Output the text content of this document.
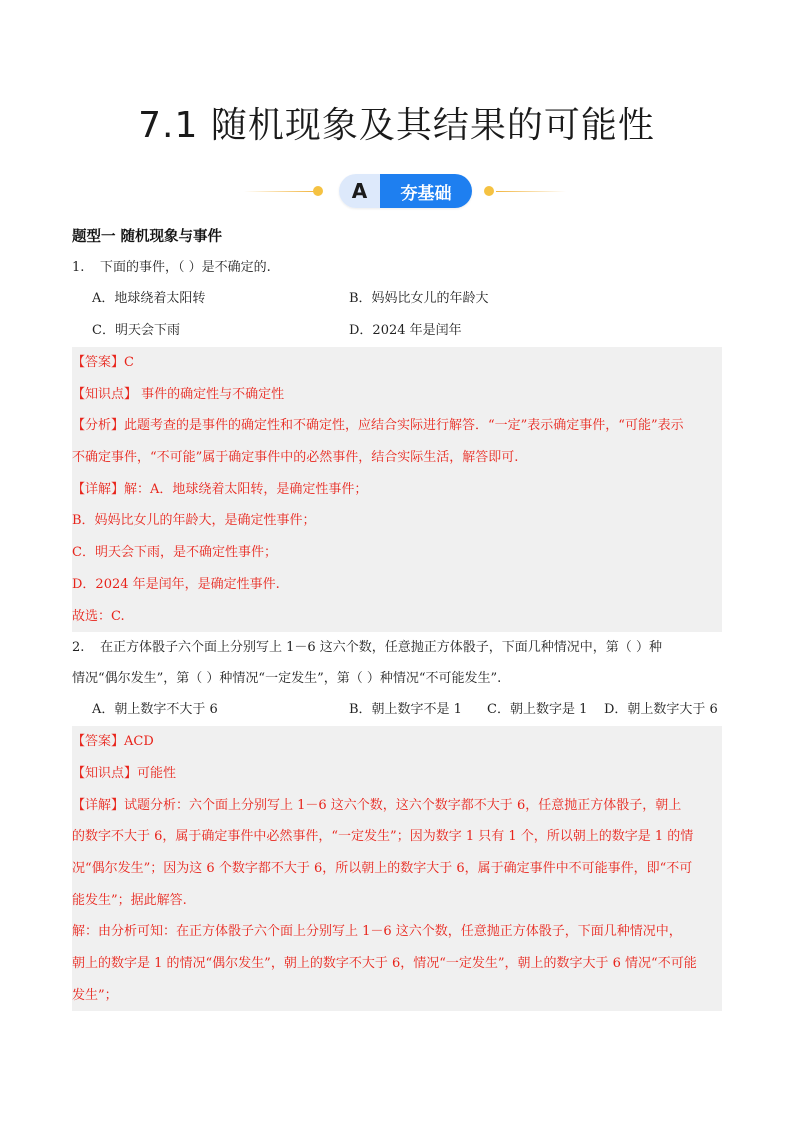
7.1 随机现象及其结果的可能性
A	夯基础
题型一 随机现象与事件
1. 下面的事件，（ ）是不确定的.
A．地球绕着太阳转	B．妈妈比女儿的年龄大
C．明天会下雨	D．2024 年是闰年
【答案】C
【知识点】 事件的确定性与不确定性
【分析】此题考查的是事件的确定性和不确定性，应结合实际进行解答．“一定”表示确定事件，“可能”表示
不确定事件，“不可能”属于确定事件中的必然事件，结合实际生活，解答即可.
【详解】解：A．地球绕着太阳转，是确定性事件；
B．妈妈比女儿的年龄大，是确定性事件；
C．明天会下雨，是不确定性事件；
D．2024 年是闰年，是确定性事件.
故选：C.
2. 在正方体骰子六个面上分别写上 1－6 这六个数，任意抛正方体骰子，下面几种情况中，第（ ）种
情况“偶尔发生”，第（ ）种情况“一定发生”，第（ ）种情况“不可能发生”.
A．朝上数字不大于 6	B．朝上数字不是 1 C．朝上数字是 1 D．朝上数字大于 6
【答案】ACD
【知识点】可能性
【详解】试题分析：六个面上分别写上 1－6 这六个数，这六个数字都不大于 6，任意抛正方体骰子，朝上
的数字不大于 6，属于确定事件中必然事件，“一定发生”；因为数字 1 只有 1 个，所以朝上的数字是 1 的情
况“偶尔发生”；因为这 6 个数字都不大于 6，所以朝上的数字大于 6，属于确定事件中不可能事件，即“不可
能发生”；据此解答.
解：由分析可知：在正方体骰子六个面上分别写上 1－6 这六个数，任意抛正方体骰子，下面几种情况中，
朝上的数字是 1 的情况“偶尔发生”，朝上的数字不大于 6，情况“一定发生”，朝上的数字大于 6 情况“不可能
发生”；
